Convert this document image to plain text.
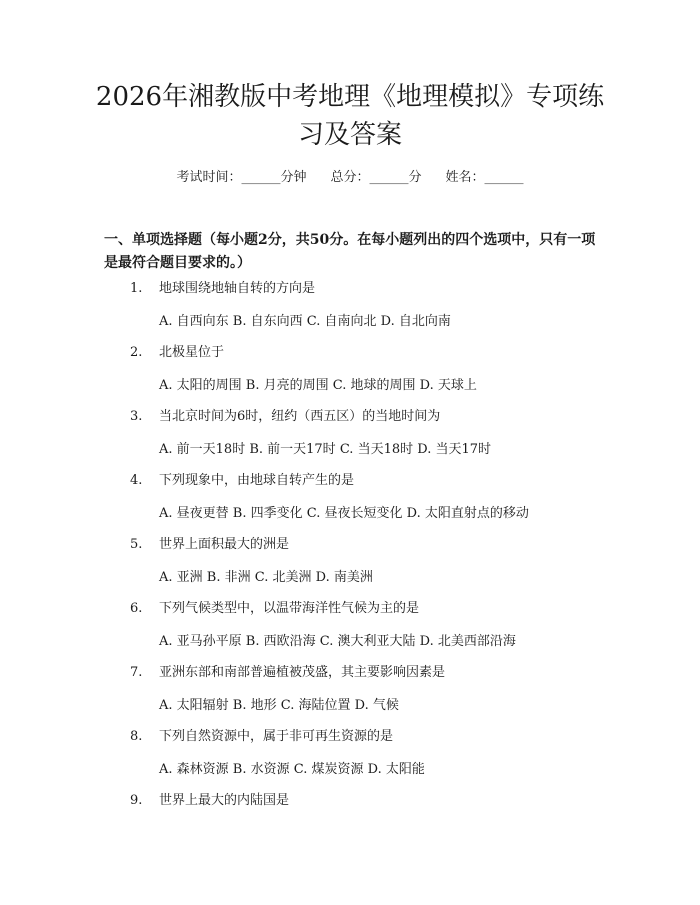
2026年湘教版中考地理《地理模拟》专项练习及答案
考试时间：______分钟 总分：______分 姓名：______

一、单项选择题（每小题2分，共50分。在每小题列出的四个选项中，只有一项是最符合题目要求的。）

1. 地球围绕地轴自转的方向是
A. 自西向东 B. 自东向西 C. 自南向北 D. 自北向南
2. 北极星位于
A. 太阳的周围 B. 月亮的周围 C. 地球的周围 D. 天球上
3. 当北京时间为6时，纽约（西五区）的当地时间为
A. 前一天18时 B. 前一天17时 C. 当天18时 D. 当天17时
4. 下列现象中，由地球自转产生的是
A. 昼夜更替 B. 四季变化 C. 昼夜长短变化 D. 太阳直射点的移动
5. 世界上面积最大的洲是
A. 亚洲 B. 非洲 C. 北美洲 D. 南美洲
6. 下列气候类型中，以温带海洋性气候为主的是
A. 亚马孙平原 B. 西欧沿海 C. 澳大利亚大陆 D. 北美西部沿海
7. 亚洲东部和南部普遍植被茂盛，其主要影响因素是
A. 太阳辐射 B. 地形 C. 海陆位置 D. 气候
8. 下列自然资源中，属于非可再生资源的是
A. 森林资源 B. 水资源 C. 煤炭资源 D. 太阳能
9. 世界上最大的内陆国是
